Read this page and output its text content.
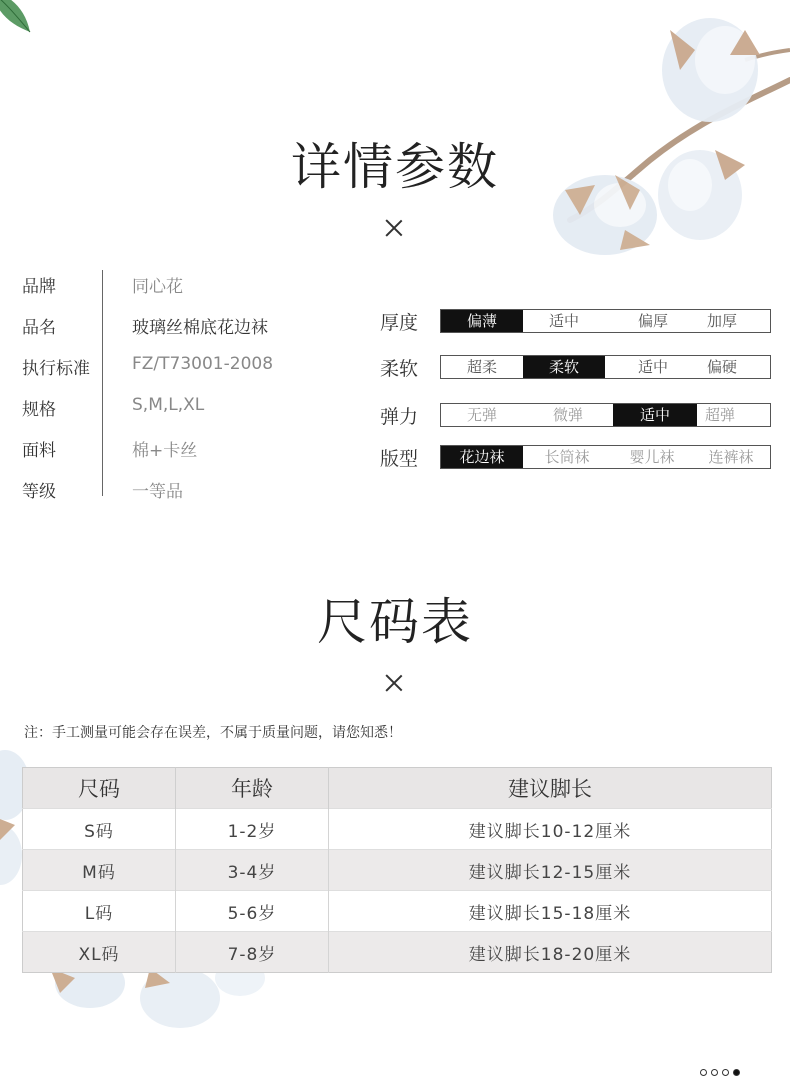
详情参数
品牌	同心花
品名	玻璃丝棉底花边袜
执行标准 FZ/T73001-2008
规格	S,M,L,XL
面料	棉+卡丝
等级	一等品
厚度	偏薄	适中	偏厚	加厚
柔软	超柔	柔软	适中	偏硬
弹力	无弹	微弹	适中	超弹
版型	花边袜	长筒袜	婴儿袜	连裤袜
尺码表
注：手工测量可能会存在误差，不属于质量问题，请您知悉！
尺码	年龄	建议脚长
S码	1-2岁	建议脚长10-12厘米
M码	3-4岁	建议脚长12-15厘米
L码	5-6岁	建议脚长15-18厘米
XL码	7-8岁	建议脚长18-20厘米
